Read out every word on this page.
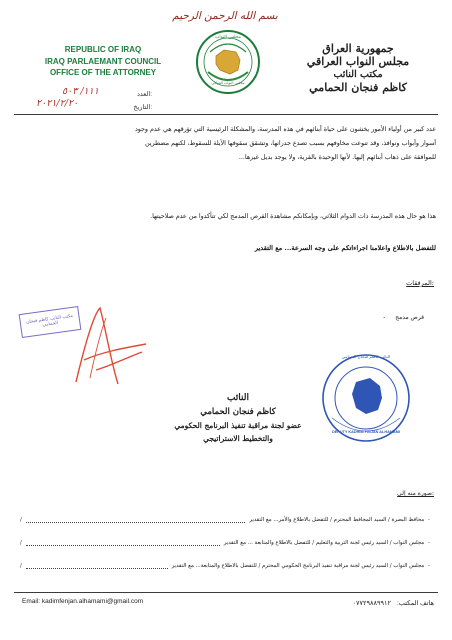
بسم الله الرحمن الرحيم
REPUBLIC OF IRAQ
IRAQ PARLAEMANT COUNCIL
OFFICE OF THE ATTORNEY
١١١/ ٥٠٣	العدد:
٢٠٢١/٢/٢٠	التاريخ:
مجلس النواب
مجلس النواب العراقي
جمهورية العراق
مجلس النواب العراقي
مكتب النائب
كاظم فنجان الحمامي
عدد كبير من أولياء الأمور يخشون على حياة أبنائهم في هذه المدرسة، والمشكلة الرئيسية التي تؤرقهم هي عدم وجود
أسوار وأبواب ونوافذ، وقد تنوعت مخاوفهم بسبب تصدع جدرانها، وتشقق سقوفها الآيلة للسقوط، لكنهم مضطرين
للموافقة على ذهاب أبنائهم إليها. لأنها الوحيدة بالقرية، ولا يوجد بديل غيرها...
هذا هو حال هذه المدرسة ذات الدوام الثلاثي، وبإمكانكم مشاهدة القرص المدمج لكي تتأكدوا من عدم صلاحيتها.
للتفضل بالاطلاع واعلامنا اجراءاتكم على وجه السرعة... مع التقدير
المرفقات:
قرص مدمج -
مكتب النائب كاظم فنجان الحمامي
النائب كاظم فنجان الحمامي
DEPUTY KADHIM FINJAN ALHAMAMI
النائب
كاظم فنجان الحمامي
عضو لجنة مراقبة تنفيذ البرنامج الحكومي
والتخطيط الاستراتيجي
صورة منه إلى:
-
محافظ البصرة / السيد المحافظ المحترم / للتفضل بالاطلاع والأمر... مع التقدير
/
-
مجلس النواب / السيد رئيس لجنة التربية والتعليم / للتفضل بالاطلاع والمتابعة ... مع التقدير
/
-
مجلس النواب / السيد رئيس لجنة مراقبة تنفيذ البرنامج الحكومي المحترم / للتفضل بالاطلاع والمتابعة... مع التقدير
/
Email: kadimfenjan.alhamami@gmail.com	هاتف المكتب:
٠٧٧٢٩٨٨٩٩١٢
